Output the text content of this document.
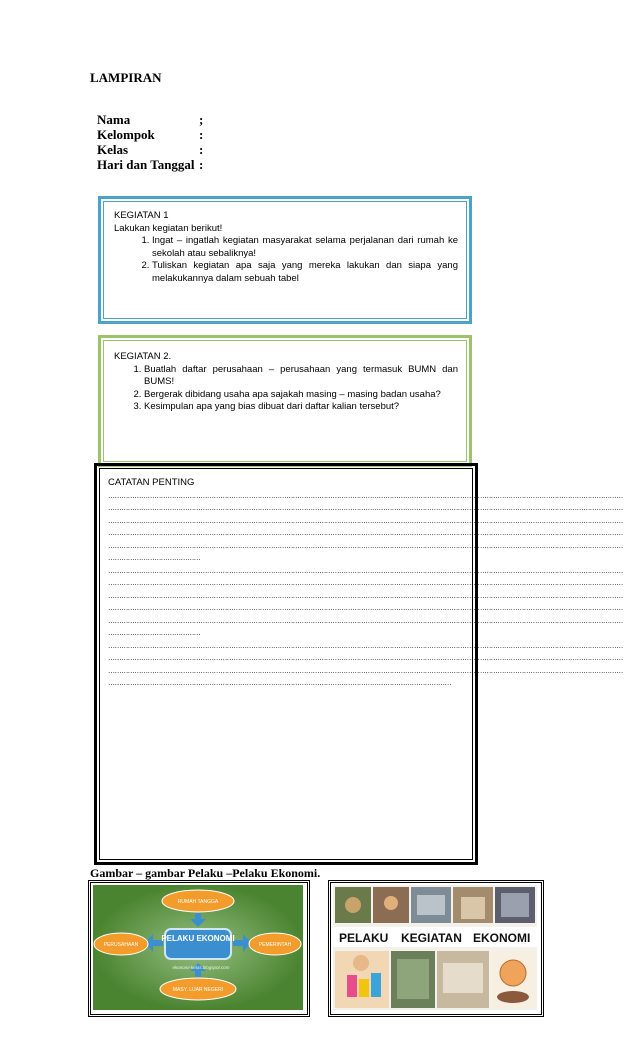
LAMPIRAN
Nama	;
Kelompok	:
Kelas	:
Hari dan Tanggal :
KEGIATAN 1
Lakukan kegiatan berikut!
1. Ingat – ingatlah kegiatan masyarakat selama perjalanan dari rumah ke sekolah atau sebaliknya!
2. Tuliskan kegiatan apa saja yang mereka lakukan dan siapa yang melakukannya dalam sebuah tabel
KEGIATAN 2.
1. Buatlah daftar perusahaan – perusahaan yang termasuk BUMN dan BUMS!
2. Bergerak dibidang usaha apa sajakah masing – masing badan usaha?
3. Kesimpulan apa yang bias dibuat dari daftar kalian tersebut?
CATATAN PENTING
………………………………………………………………………………………………………………………………………………………………………………………………………………
………………………………………………………………………………………………………………………………………………………………………………………………………………
………………………………………………………………………………………………………………………………………………………………………………………………………………
………………………………………………………………………………………………………………………………………………………………………………………………………………
………………………………………………………………………………………………………………………………………………………………………………………………………………
……………………………………
………………………………………………………………………………………………………………………………………………………………………………………………………………
………………………………………………………………………………………………………………………………………………………………………………………………………………
………………………………………………………………………………………………………………………………………………………………………………………………………………
………………………………………………………………………………………………………………………………………………………………………………………………………………
………………………………………………………………………………………………………………………………………………………………………………………………………………
……………………………………
………………………………………………………………………………………………………………………………………………………………………………………………………………
………………………………………………………………………………………………………………………………………………………………………………………………………………
………………………………………………………………………………………………………………………………………………………………………………………………………………
…………………………………………………………………………………………………………………………………………
Gambar – gambar Pelaku –Pelaku Ekonomi.
PELAKU EKONOMI
RUMAH TANGGA
PERUSAHAAN	PEMERINTAH
MASY. LUAR NEGERI
ekonomi-kelas.blogspot.com
PELAKU KEGIATAN EKONOMI
